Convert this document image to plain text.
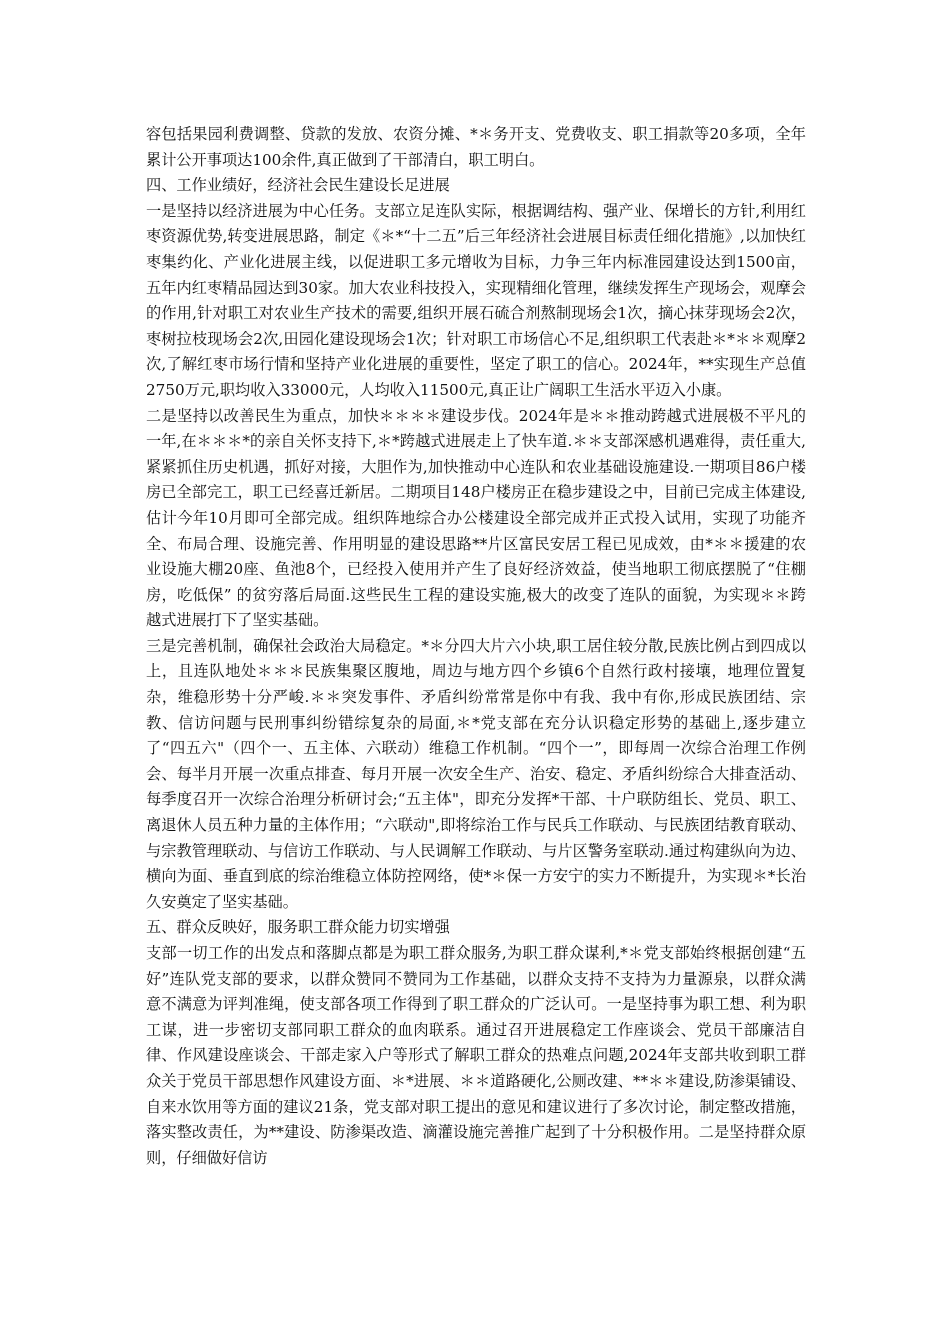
容包括果园利费调整、贷款的发放、农资分摊、*＊务开支、党费收支、职工捐款等20多项，全年累计公开事项达100余件,真正做到了干部清白，职工明白。

四、工作业绩好，经济社会民生建设长足进展

一是坚持以经济进展为中心任务。支部立足连队实际，根据调结构、强产业、保增长的方针,利用红枣资源优势,转变进展思路，制定《＊*“十二五”后三年经济社会进展目标责任细化措施》,以加快红枣集约化、产业化进展主线，以促进职工多元增收为目标，力争三年内标准园建设达到1500亩，五年内红枣精品园达到30家。加大农业科技投入，实现精细化管理，继续发挥生产现场会，观摩会的作用,针对职工对农业生产技术的需要,组织开展石硫合剂熬制现场会1次，摘心抹芽现场会2次，枣树拉枝现场会2次,田园化建设现场会1次；针对职工市场信心不足,组织职工代表赴＊*＊＊观摩2次,了解红枣市场行情和坚持产业化进展的重要性，坚定了职工的信心。2024年，**实现生产总值2750万元,职均收入33000元，人均收入11500元,真正让广阔职工生活水平迈入小康。

二是坚持以改善民生为重点，加快＊＊＊＊建设步伐。2024年是＊＊推动跨越式进展极不平凡的一年,在＊＊＊*的亲自关怀支持下,＊*跨越式进展走上了快车道.＊＊支部深感机遇难得，责任重大,紧紧抓住历史机遇，抓好对接，大胆作为,加快推动中心连队和农业基础设施建设.一期项目86户楼房已全部完工，职工已经喜迁新居。二期项目148户楼房正在稳步建设之中，目前已完成主体建设,估计今年10月即可全部完成。组织阵地综合办公楼建设全部完成并正式投入试用，实现了功能齐全、布局合理、设施完善、作用明显的建设思路**片区富民安居工程已见成效，由*＊＊援建的农业设施大棚20座、鱼池8个，已经投入使用并产生了良好经济效益，使当地职工彻底摆脱了“住棚房，吃低保” 的贫穷落后局面.这些民生工程的建设实施,极大的改变了连队的面貌，为实现＊＊跨越式进展打下了坚实基础。

三是完善机制，确保社会政治大局稳定。*＊分四大片六小块,职工居住较分散,民族比例占到四成以上，且连队地处＊＊＊民族集聚区腹地，周边与地方四个乡镇6个自然行政村接壤，地理位置复杂，维稳形势十分严峻.＊＊突发事件、矛盾纠纷常常是你中有我、我中有你,形成民族团结、宗教、信访问题与民刑事纠纷错综复杂的局面,＊*党支部在充分认识稳定形势的基础上,逐步建立了“四五六"（四个一、五主体、六联动）维稳工作机制。“四个一”，即每周一次综合治理工作例会、每半月开展一次重点排查、每月开展一次安全生产、治安、稳定、矛盾纠纷综合大排查活动、每季度召开一次综合治理分析研讨会;“五主体"，即充分发挥*干部、十户联防组长、党员、职工、离退休人员五种力量的主体作用；“六联动",即将综治工作与民兵工作联动、与民族团结教育联动、与宗教管理联动、与信访工作联动、与人民调解工作联动、与片区警务室联动.通过构建纵向为边、横向为面、垂直到底的综治维稳立体防控网络，使*＊保一方安宁的实力不断提升，为实现＊*长治久安奠定了坚实基础。

五、群众反映好，服务职工群众能力切实增强

支部一切工作的出发点和落脚点都是为职工群众服务,为职工群众谋利,*＊党支部始终根据创建“五好”连队党支部的要求，以群众赞同不赞同为工作基础，以群众支持不支持为力量源泉，以群众满意不满意为评判准绳，使支部各项工作得到了职工群众的广泛认可。一是坚持事为职工想、利为职工谋，进一步密切支部同职工群众的血肉联系。通过召开进展稳定工作座谈会、党员干部廉洁自律、作风建设座谈会、干部走家入户等形式了解职工群众的热难点问题,2024年支部共收到职工群众关于党员干部思想作风建设方面、＊*进展、＊＊道路硬化,公厕改建、**＊＊建设,防渗渠铺设、自来水饮用等方面的建议21条，党支部对职工提出的意见和建议进行了多次讨论，制定整改措施，落实整改责任，为**建设、防渗渠改造、滴灌设施完善推广起到了十分积极作用。二是坚持群众原则，仔细做好信访
